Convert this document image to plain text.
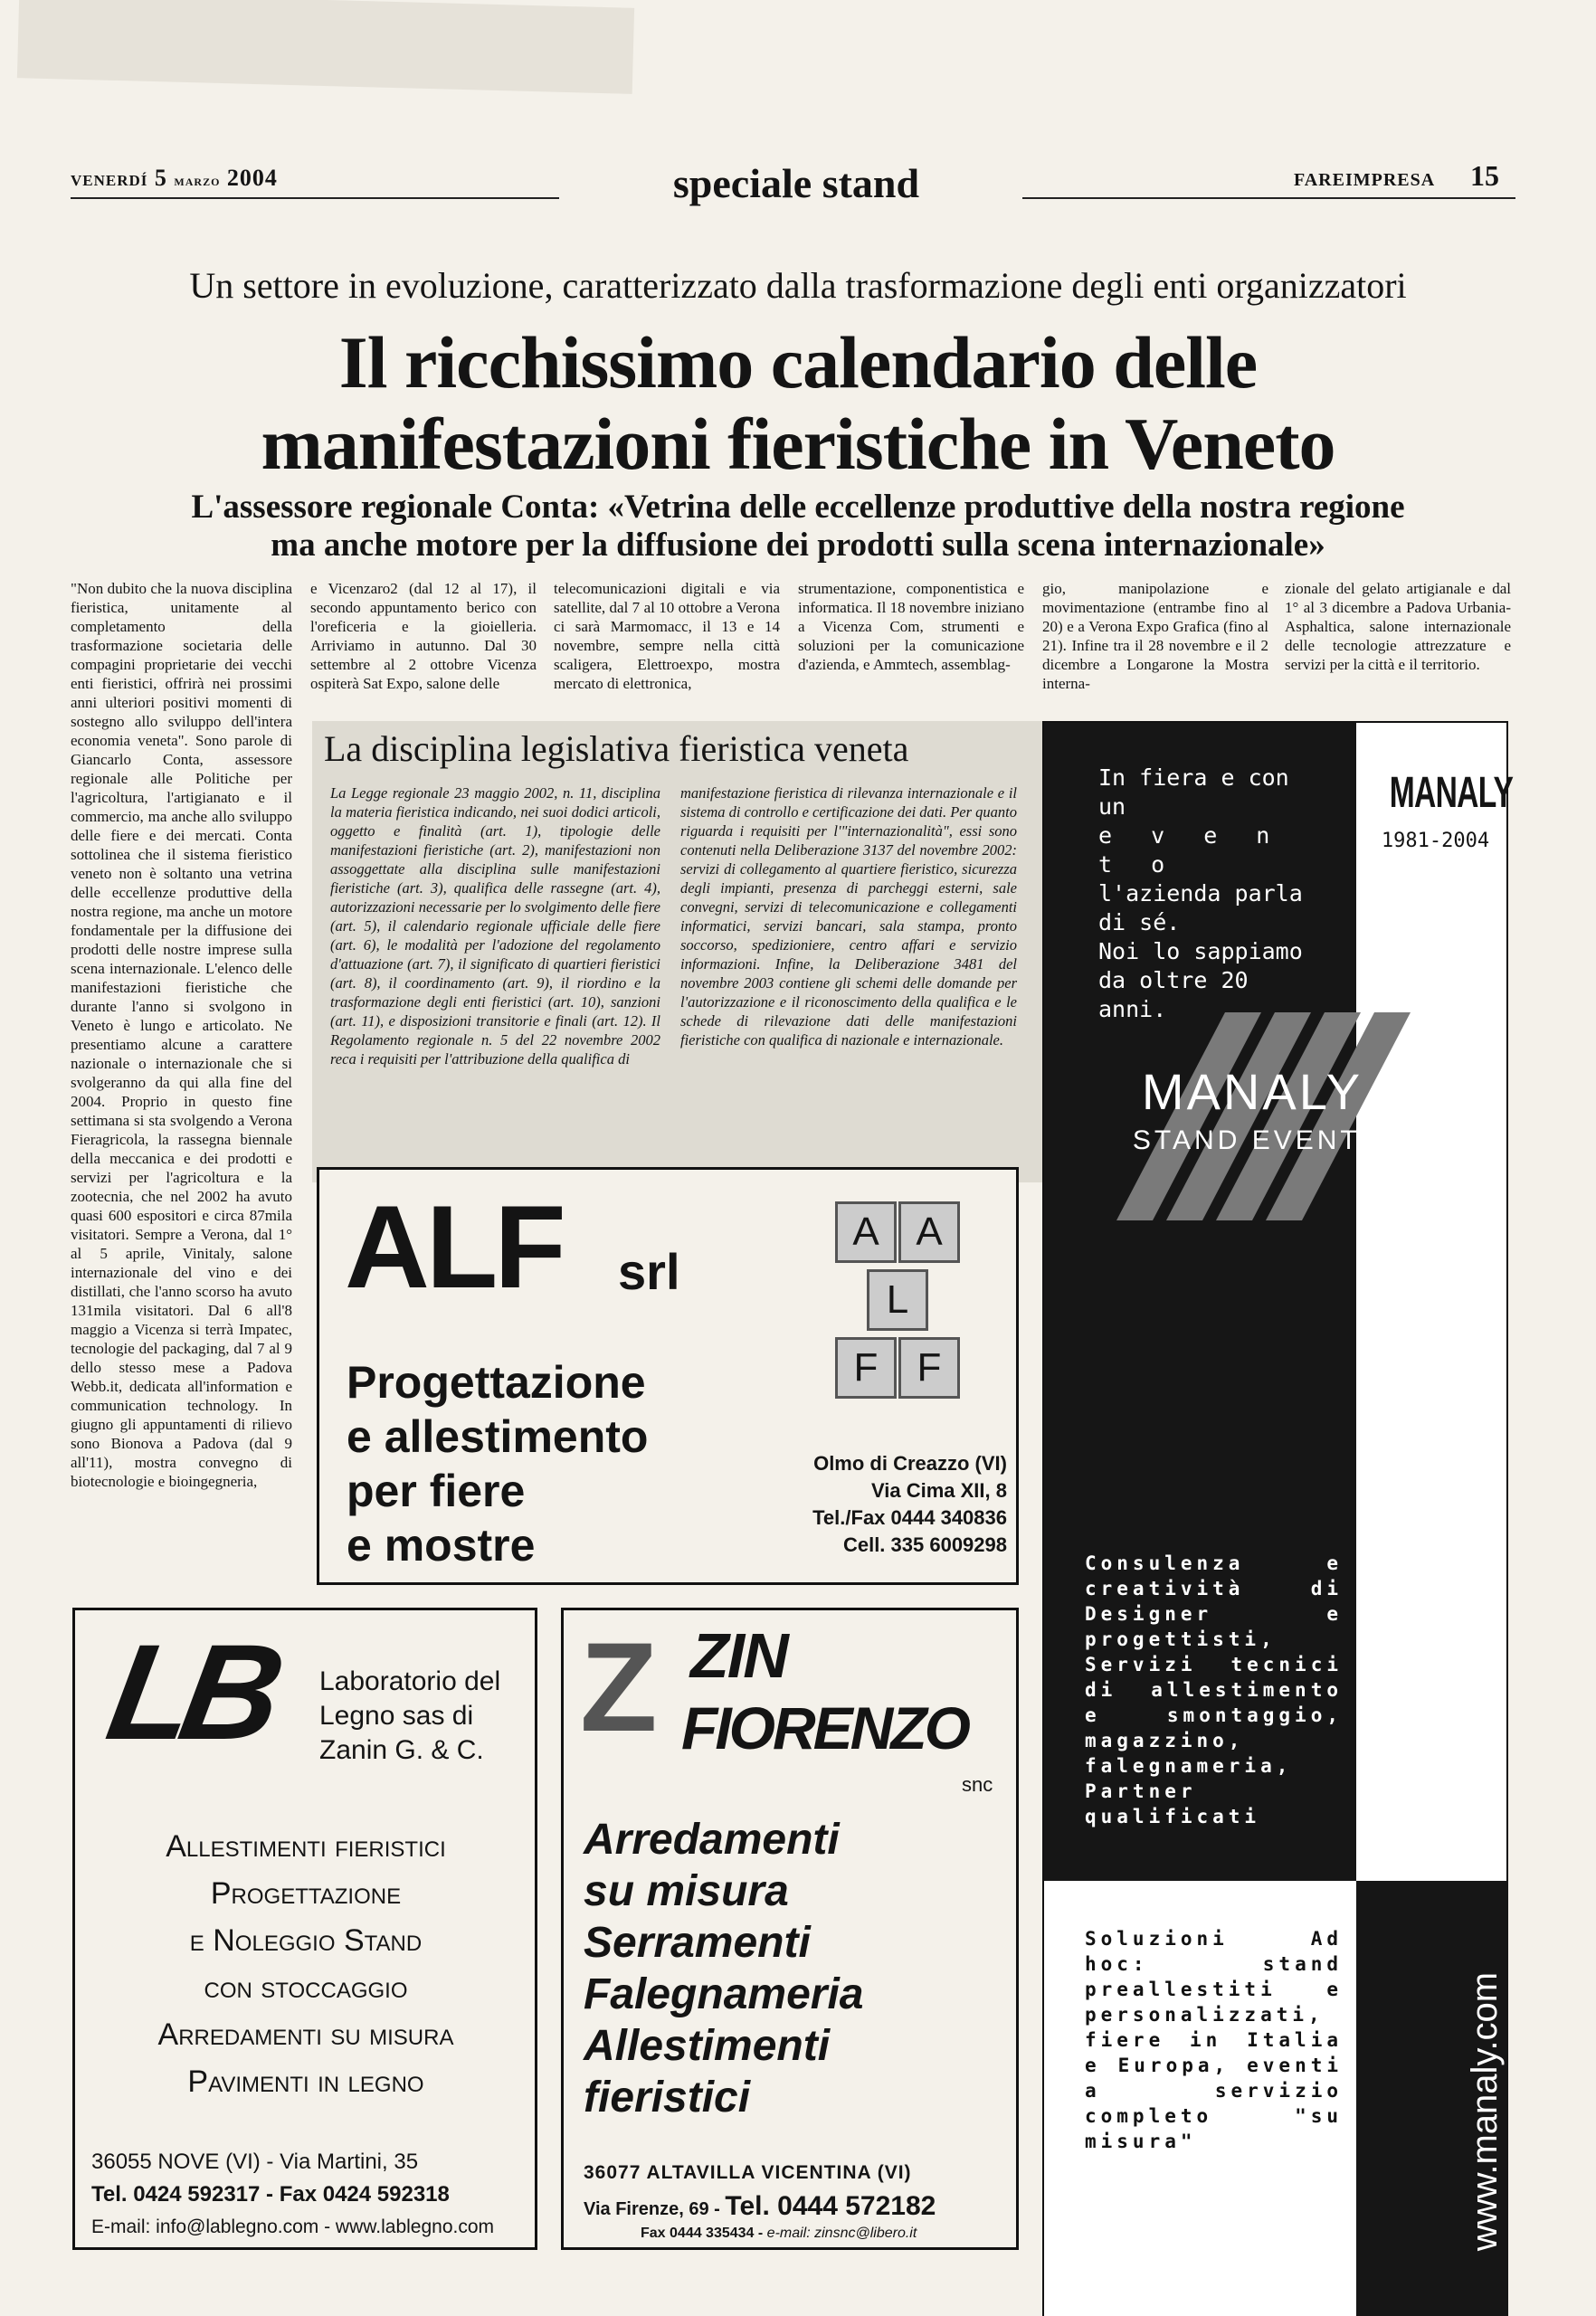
VENERDÍ 5 marzo 2004	speciale stand	FAREIMPRESA 15
Un settore in evoluzione, caratterizzato dalla trasformazione degli enti organizzatori
Il ricchissimo calendario delle
manifestazioni fieristiche in Veneto
L'assessore regionale Conta: «Vetrina delle eccellenze produttive della nostra regione
ma anche motore per la diffusione dei prodotti sulla scena internazionale»
"Non dubito che la nuova disciplina fieristica, unitamente al completamento della trasformazione societaria delle compagini proprietarie dei vecchi enti fieristici, offrirà nei prossimi anni ulteriori positivi momenti di sostegno allo sviluppo dell'intera economia veneta". Sono parole di Giancarlo Conta, assessore regionale alle Politiche per l'agricoltura, l'artigianato e il commercio, ma anche allo sviluppo delle fiere e dei mercati. Conta sottolinea che il sistema fieristico veneto non è soltanto una vetrina delle eccellenze produttive della nostra regione, ma anche un motore fondamentale per la diffusione dei prodotti delle nostre imprese sulla scena internazionale. L'elenco delle manifestazioni fieristiche che durante l'anno si svolgono in Veneto è lungo e articolato. Ne presentiamo alcune a carattere nazionale o internazionale che si svolgeranno da qui alla fine del 2004. Proprio in questo fine settimana si sta svolgendo a Verona Fieragricola, la rassegna biennale della meccanica e dei prodotti e servizi per l'agricoltura e la zootecnia, che nel 2002 ha avuto quasi 600 espositori e circa 87mila visitatori. Sempre a Verona, dal 1° al 5 aprile, Vinitaly, salone internazionale del vino e dei distillati, che l'anno scorso ha avuto 131mila visitatori. Dal 6 all'8 maggio a Vicenza si terrà Impatec, tecnologie del packaging, dal 7 al 9 dello stesso mese a Padova Webb.it, dedicata all'information e communication technology. In giugno gli appuntamenti di rilievo sono Bionova a Padova (dal 9 all'11), mostra convegno di biotecnologie e bioingegneria,
e Vicenzaro2 (dal 12 al 17), il secondo appuntamento berico con l'oreficeria e la gioielleria. Arriviamo in autunno. Dal 30 settembre al 2 ottobre Vicenza ospiterà Sat Expo, salone delle
telecomunicazioni digitali e via satellite, dal 7 al 10 ottobre a Verona ci sarà Marmomacc, il 13 e 14 novembre, sempre nella città scaligera, Elettroexpo, mostra mercato di elettronica,
strumentazione, componentistica e informatica. Il 18 novembre iniziano a Vicenza Com, strumenti e soluzioni per la comunicazione d'azienda, e Ammtech, assemblag-
gio, manipolazione e movimentazione (entrambe fino al 20) e a Verona Expo Grafica (fino al 21). Infine tra il 28 novembre e il 2 dicembre a Longarone la Mostra interna-
zionale del gelato artigianale e dal 1° al 3 dicembre a Padova Urbania-Asphaltica, salone internazionale delle tecnologie attrezzature e servizi per la città e il territorio.
La disciplina legislativa fieristica veneta
La Legge regionale 23 maggio 2002, n. 11, disciplina la materia fieristica indicando, nei suoi dodici articoli, oggetto e finalità (art. 1), tipologie delle manifestazioni fieristiche (art. 2), manifestazioni non assoggettate alla disciplina sulle manifestazioni fieristiche (art. 3), qualifica delle rassegne (art. 4), autorizzazioni necessarie per lo svolgimento delle fiere (art. 5), il calendario regionale ufficiale delle fiere (art. 6), le modalità per l'adozione del regolamento d'attuazione (art. 7), il significato di quartieri fieristici (art. 8), il coordinamento (art. 9), il riordino e la trasformazione degli enti fieristici (art. 10), sanzioni (art. 11), e disposizioni transitorie e finali (art. 12). Il Regolamento regionale n. 5 del 22 novembre 2002 reca i requisiti per l'attribuzione della qualifica di
manifestazione fieristica di rilevanza internazionale e il sistema di controllo e certificazione dei dati. Per quanto riguarda i requisiti per l'"internazionalità", essi sono contenuti nella Deliberazione 3137 del novembre 2002: servizi di collegamento al quartiere fieristico, sicurezza degli impianti, presenza di parcheggi esterni, sale convegni, servizi di telecomunicazione e collegamenti informatici, servizi bancari, sala stampa, pronto soccorso, spedizioniere, centro affari e servizio informazioni. Infine, la Deliberazione 3481 del novembre 2003 contiene gli schemi delle domande per l'autorizzazione e il riconoscimento della qualifica e le schede di rilevazione dati delle manifestazioni fieristiche con qualifica di nazionale e internazionale.
In fiera e con un
e v e n t o
l'azienda parla di sé.
Noi lo sappiamo
da oltre 20 anni.
MANALY
1981-2004
MANALY
STAND EVENTI
Consulenza e creatività di Designer e progettisti, Servizi tecnici di allestimento e smontaggio, magazzino, falegnameria, Partner qualificati
Soluzioni Ad hoc: stand preallestiti e personalizzati, fiere in Italia e Europa, eventi a servizio completo "su misura"	www.manaly.com
ALF srl
Progettazione
e allestimento
per fiere
e mostre
A A
L
F F
Olmo di Creazzo (VI)
Via Cima XII, 8
Tel./Fax 0444 340836
Cell. 335 6009298
LB Laboratorio del
Legno sas di
Zanin G. & C.
Allestimenti fieristici
Progettazione
e Noleggio Stand
con stoccaggio
Arredamenti su misura
Pavimenti in legno
36055 NOVE (VI) - Via Martini, 35
Tel. 0424 592317 - Fax 0424 592318
E-mail: info@lablegno.com - www.lablegno.com
Z ZIN
FIORENZO
snc
Arredamenti
su misura
Serramenti
Falegnameria
Allestimenti
fieristici
36077 ALTAVILLA VICENTINA (VI)
Via Firenze, 69 - Tel. 0444 572182
Fax 0444 335434 - e-mail: zinsnc@libero.it
